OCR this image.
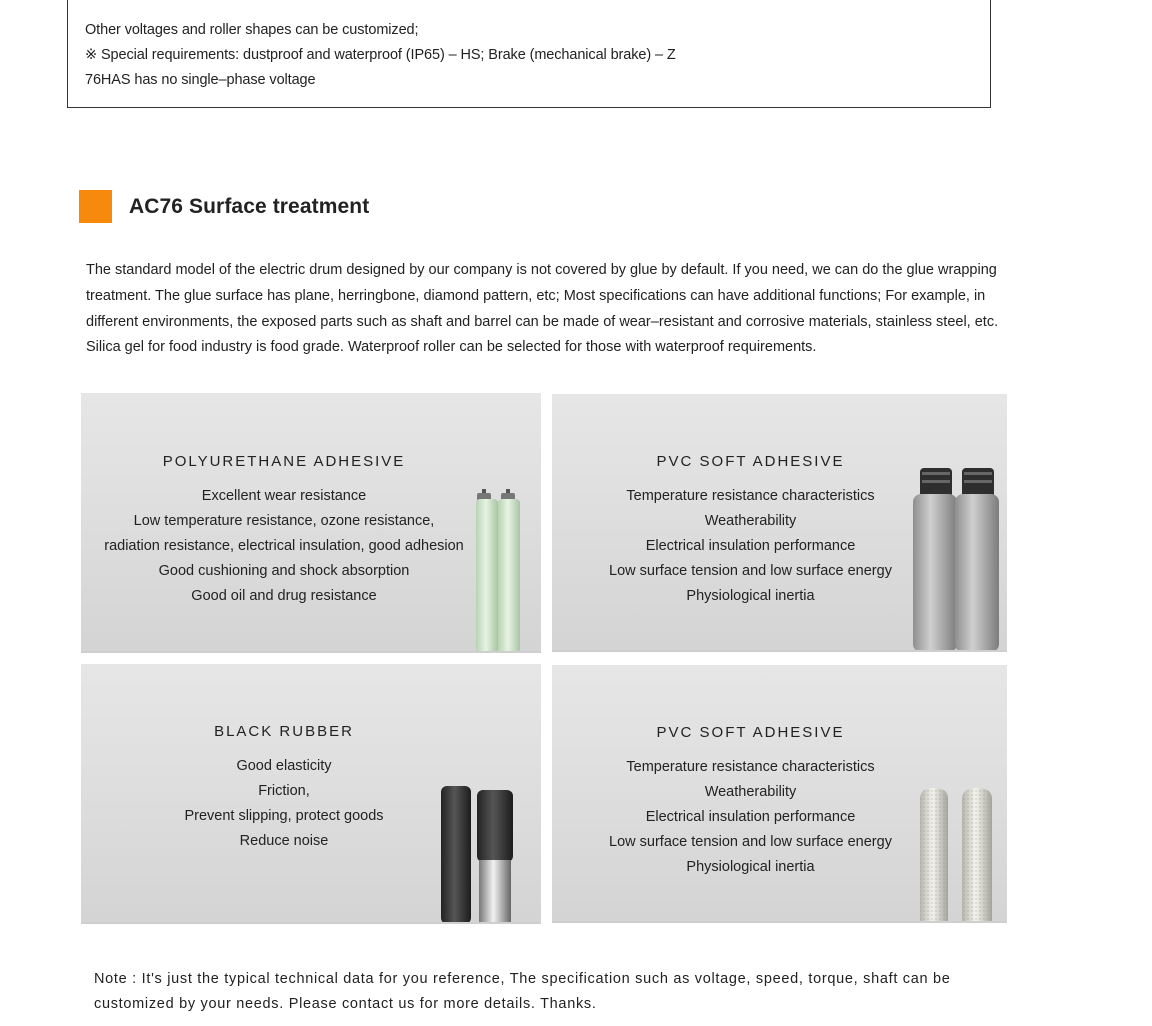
Other voltages and roller shapes can be customized;

※ Special requirements: dustproof and waterproof (IP65) – HS; Brake (mechanical brake) – Z

76HAS has no single–phase voltage

AC76 Surface treatment

The standard model of the electric drum designed by our company is not covered by glue by default. If you need, we can do the glue wrapping treatment. The glue surface has plane, herringbone, diamond pattern, etc; Most specifications can have additional functions; For example, in different environments, the exposed parts such as shaft and barrel can be made of wear–resistant and corrosive materials, stainless steel, etc. Silica gel for food industry is food grade. Waterproof roller can be selected for those with waterproof requirements.

POLYURETHANE ADHESIVE
Excellent wear resistance
Low temperature resistance, ozone resistance,
radiation resistance, electrical insulation, good adhesion
Good cushioning and shock absorption
Good oil and drug resistance
PVC SOFT ADHESIVE
Temperature resistance characteristics
Weatherability
Electrical insulation performance
Low surface tension and low surface energy
Physiological inertia
BLACK RUBBER
Good elasticity
Friction,
Prevent slipping, protect goods
Reduce noise
PVC SOFT ADHESIVE
Temperature resistance characteristics
Weatherability
Electrical insulation performance
Low surface tension and low surface energy
Physiological inertia

Note : It's just the typical technical data for you reference, The specification such as voltage, speed, torque, shaft can be customized by your needs. Please contact us for more details. Thanks.
